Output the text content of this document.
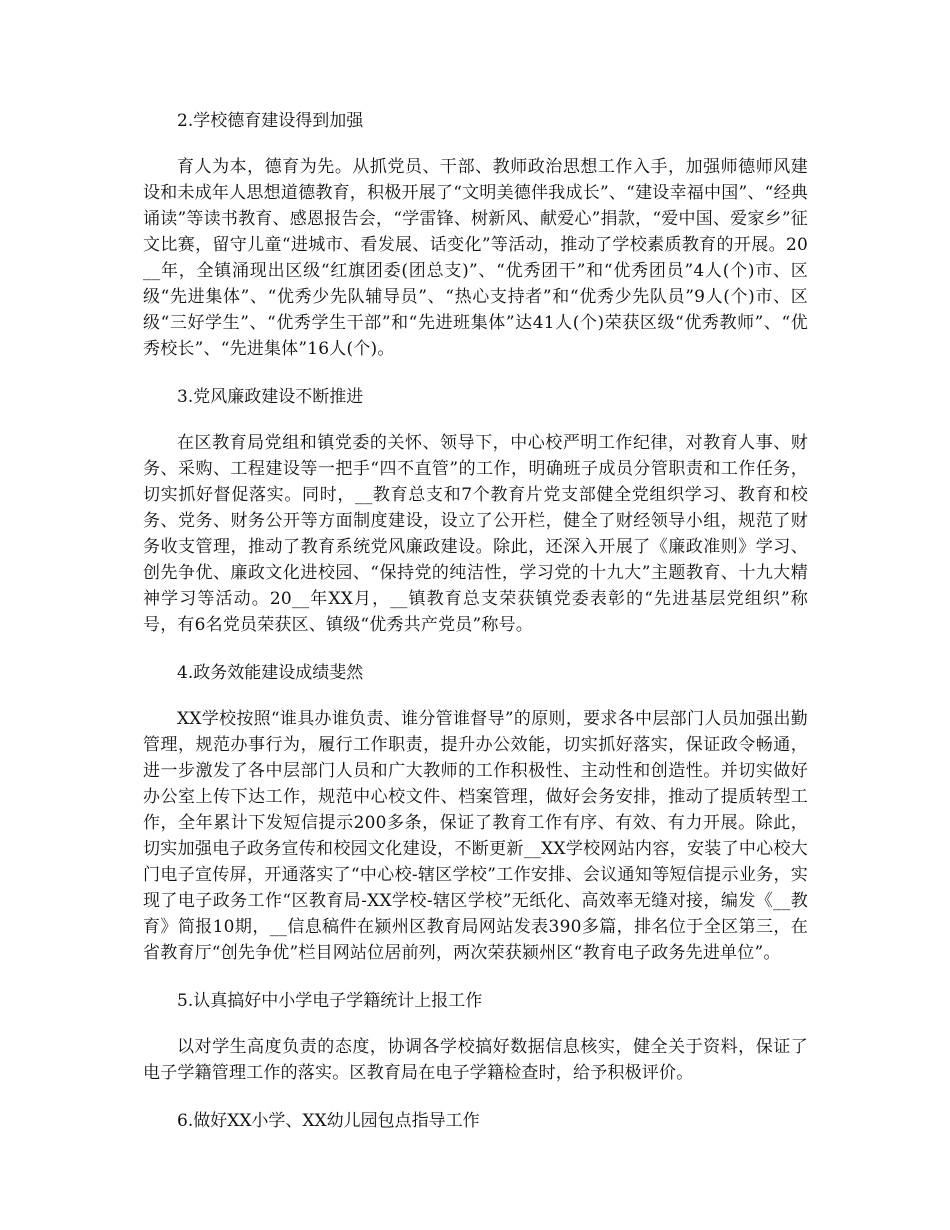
2.学校德育建设得到加强

育人为本，德育为先。从抓党员、干部、教师政治思想工作入手，加强师德师风建设和未成年人思想道德教育，积极开展了“文明美德伴我成长”、“建设幸福中国”、“经典诵读”等读书教育、感恩报告会，“学雷锋、树新风、献爱心”捐款，“爱中国、爱家乡”征文比赛，留守儿童“进城市、看发展、话变化”等活动，推动了学校素质教育的开展。20__年，全镇涌现出区级“红旗团委(团总支)”、“优秀团干”和“优秀团员”4人(个)市、区级“先进集体”、“优秀少先队辅导员”、“热心支持者”和“优秀少先队员”9人(个)市、区级“三好学生”、“优秀学生干部”和“先进班集体”达41人(个)荣获区级“优秀教师”、“优秀校长”、“先进集体”16人(个)。

3.党风廉政建设不断推进

在区教育局党组和镇党委的关怀、领导下，中心校严明工作纪律，对教育人事、财务、采购、工程建设等一把手“四不直管”的工作，明确班子成员分管职责和工作任务，切实抓好督促落实。同时，__教育总支和7个教育片党支部健全党组织学习、教育和校务、党务、财务公开等方面制度建设，设立了公开栏，健全了财经领导小组，规范了财务收支管理，推动了教育系统党风廉政建设。除此，还深入开展了《廉政准则》学习、创先争优、廉政文化进校园、“保持党的纯洁性，学习党的十九大”主题教育、十九大精神学习等活动。20__年XX月，__镇教育总支荣获镇党委表彰的“先进基层党组织”称号，有6名党员荣获区、镇级“优秀共产党员”称号。

4.政务效能建设成绩斐然

XX学校按照“谁具办谁负责、谁分管谁督导”的原则，要求各中层部门人员加强出勤管理，规范办事行为，履行工作职责，提升办公效能，切实抓好落实，保证政令畅通，进一步激发了各中层部门人员和广大教师的工作积极性、主动性和创造性。并切实做好办公室上传下达工作，规范中心校文件、档案管理，做好会务安排，推动了提质转型工作，全年累计下发短信提示200多条，保证了教育工作有序、有效、有力开展。除此，切实加强电子政务宣传和校园文化建设，不断更新__XX学校网站内容，安装了中心校大门电子宣传屏，开通落实了“中心校-辖区学校”工作安排、会议通知等短信提示业务，实现了电子政务工作“区教育局-XX学校-辖区学校”无纸化、高效率无缝对接，编发《__教育》简报10期，__信息稿件在颍州区教育局网站发表390多篇，排名位于全区第三，在省教育厅“创先争优”栏目网站位居前列，两次荣获颍州区“教育电子政务先进单位”。

5.认真搞好中小学电子学籍统计上报工作

以对学生高度负责的态度，协调各学校搞好数据信息核实，健全关于资料，保证了电子学籍管理工作的落实。区教育局在电子学籍检查时，给予积极评价。

6.做好XX小学、XX幼儿园包点指导工作
